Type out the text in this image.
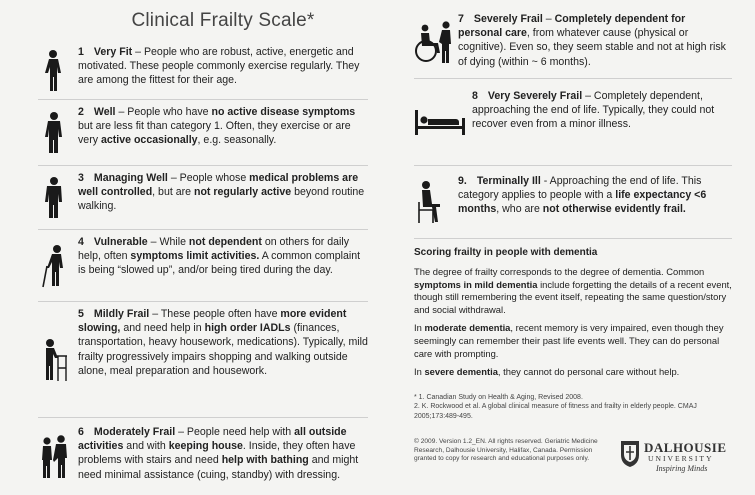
Clinical Frailty Scale*

1 Very Fit – People who are robust, active, energetic and motivated. These people commonly exercise regularly. They are among the fittest for their age.

2 Well – People who have no active disease symptoms but are less fit than category 1. Often, they exercise or are very active occasionally, e.g. seasonally.

3 Managing Well – People whose medical problems are well controlled, but are not regularly active beyond routine walking.

4 Vulnerable – While not dependent on others for daily help, often symptoms limit activities. A common complaint is being “slowed up”, and/or being tired during the day.

5 Mildly Frail – These people often have more evident slowing, and need help in high order IADLs (finances, transportation, heavy housework, medications). Typically, mild frailty progressively impairs shopping and walking outside alone, meal preparation and housework.

6 Moderately Frail – People need help with all outside activities and with keeping house. Inside, they often have problems with stairs and need help with bathing and might need minimal assistance (cuing, standby) with dressing.

7 Severely Frail – Completely dependent for personal care, from whatever cause (physical or cognitive). Even so, they seem stable and not at high risk of dying (within ~ 6 months).

8 Very Severely Frail – Completely dependent, approaching the end of life. Typically, they could not recover even from a minor illness.

9. Terminally Ill - Approaching the end of life. This category applies to people with a life expectancy <6 months, who are not otherwise evidently frail.

Scoring frailty in people with dementia

The degree of frailty corresponds to the degree of dementia. Common symptoms in mild dementia include forgetting the details of a recent event, though still remembering the event itself, repeating the same question/story and social withdrawal.

In moderate dementia, recent memory is very impaired, even though they seemingly can remember their past life events well. They can do personal care with prompting.

In severe dementia, they cannot do personal care without help.

* 1. Canadian Study on Health & Aging, Revised 2008.

2. K. Rockwood et al. A global clinical measure of fitness and frailty in elderly people. CMAJ 2005;173:489-495.

© 2009. Version 1.2_EN. All rights reserved. Geriatric Medicine Research, Dalhousie University, Halifax, Canada. Permission granted to copy for research and educational purposes only.
DALHOUSIE
UNIVERSITY
Inspiring Minds
